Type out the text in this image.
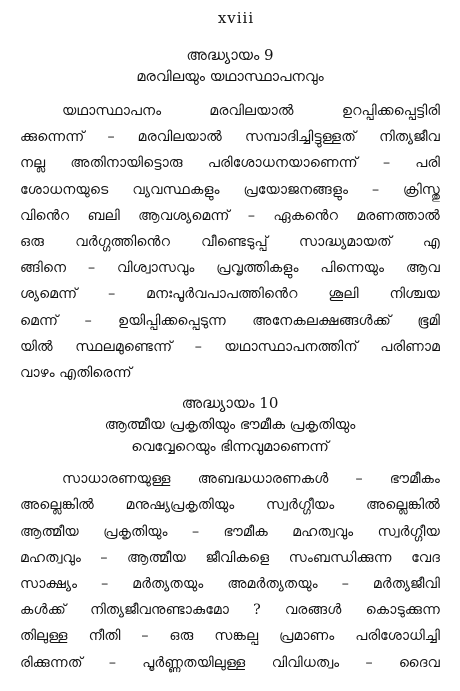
xviii
അദ്ധ്യായം 9
മരവിലയും യഥാസ്ഥാപനവും
യഥാസ്ഥാപനം മരവിലയാൽ ഉറപ്പിക്കപ്പെട്ടിരി
ക്കുന്നെന്ന് – മരവിലയാൽ സമ്പാദിച്ചിട്ടുള്ളത് നിത്യജീവ
നല്ല അതിനായിട്ടൊരു പരിശോധനയാണെന്ന് – പരി
ശോധനയുടെ വ്യവസ്ഥകളും പ്രയോജനങ്ങളും – ക്രിസ്തു
വിൻെറ ബലി ആവശ്യമെന്ന് – ഏകൻെറ മരണത്താൽ
ഒരു വർഗ്ഗത്തിൻെറ വീണ്ടെടുപ്പ് സാദ്ധ്യമായത് എ
ങ്ങിനെ – വിശ്വാസവും പ്രവൃത്തികളും പിന്നെയും ആവ
ശ്യമെന്ന് – മനഃപൂർവപാപത്തിൻെറ ശൂലി നിശ്ചയ
മെന്ന് – ഉയിപ്പിക്കപ്പെടുന്ന അനേകലക്ഷങ്ങൾക്ക് ഭൂമി
യിൽ സ്ഥലമുണ്ടെന്ന് – യഥാസ്ഥാപനത്തിന് പരിണാമ
വാഴം എതിരെന്ന്
അദ്ധ്യായം 10
ആത്മീയ പ്രകൃതിയും ഭൗമീക പ്രകൃതിയും
വെവ്വേറെയും ഭിന്നവുമാണെന്ന്
സാധാരണയുള്ള അബദ്ധധാരണകൾ – ഭൗമീകം
അല്ലെങ്കിൽ മനുഷ്യപ്രകൃതിയും സ്വർഗ്ഗീയം അല്ലെങ്കിൽ
ആത്മീയ പ്രകൃതിയും – ഭൗമീക മഹത്വവും സ്വർഗ്ഗീയ
മഹത്വവും – ആത്മീയ ജീവികളെ സംബന്ധിക്കുന്ന വേദ
സാക്ഷ്യം – മർത്യതയും അമർത്യതയും – മർത്യജീവി
കൾക്ക് നിത്യജീവനുണ്ടാകുമോ ? വരങ്ങൾ കൊടുക്കുന്ന
തിലുള്ള നീതി – ഒരു സങ്കല്പ പ്രമാണം പരിശോധിച്ചി
രിക്കുന്നത് – പൂർണ്ണതയിലുള്ള വിവിധത്വം – ദൈവ
